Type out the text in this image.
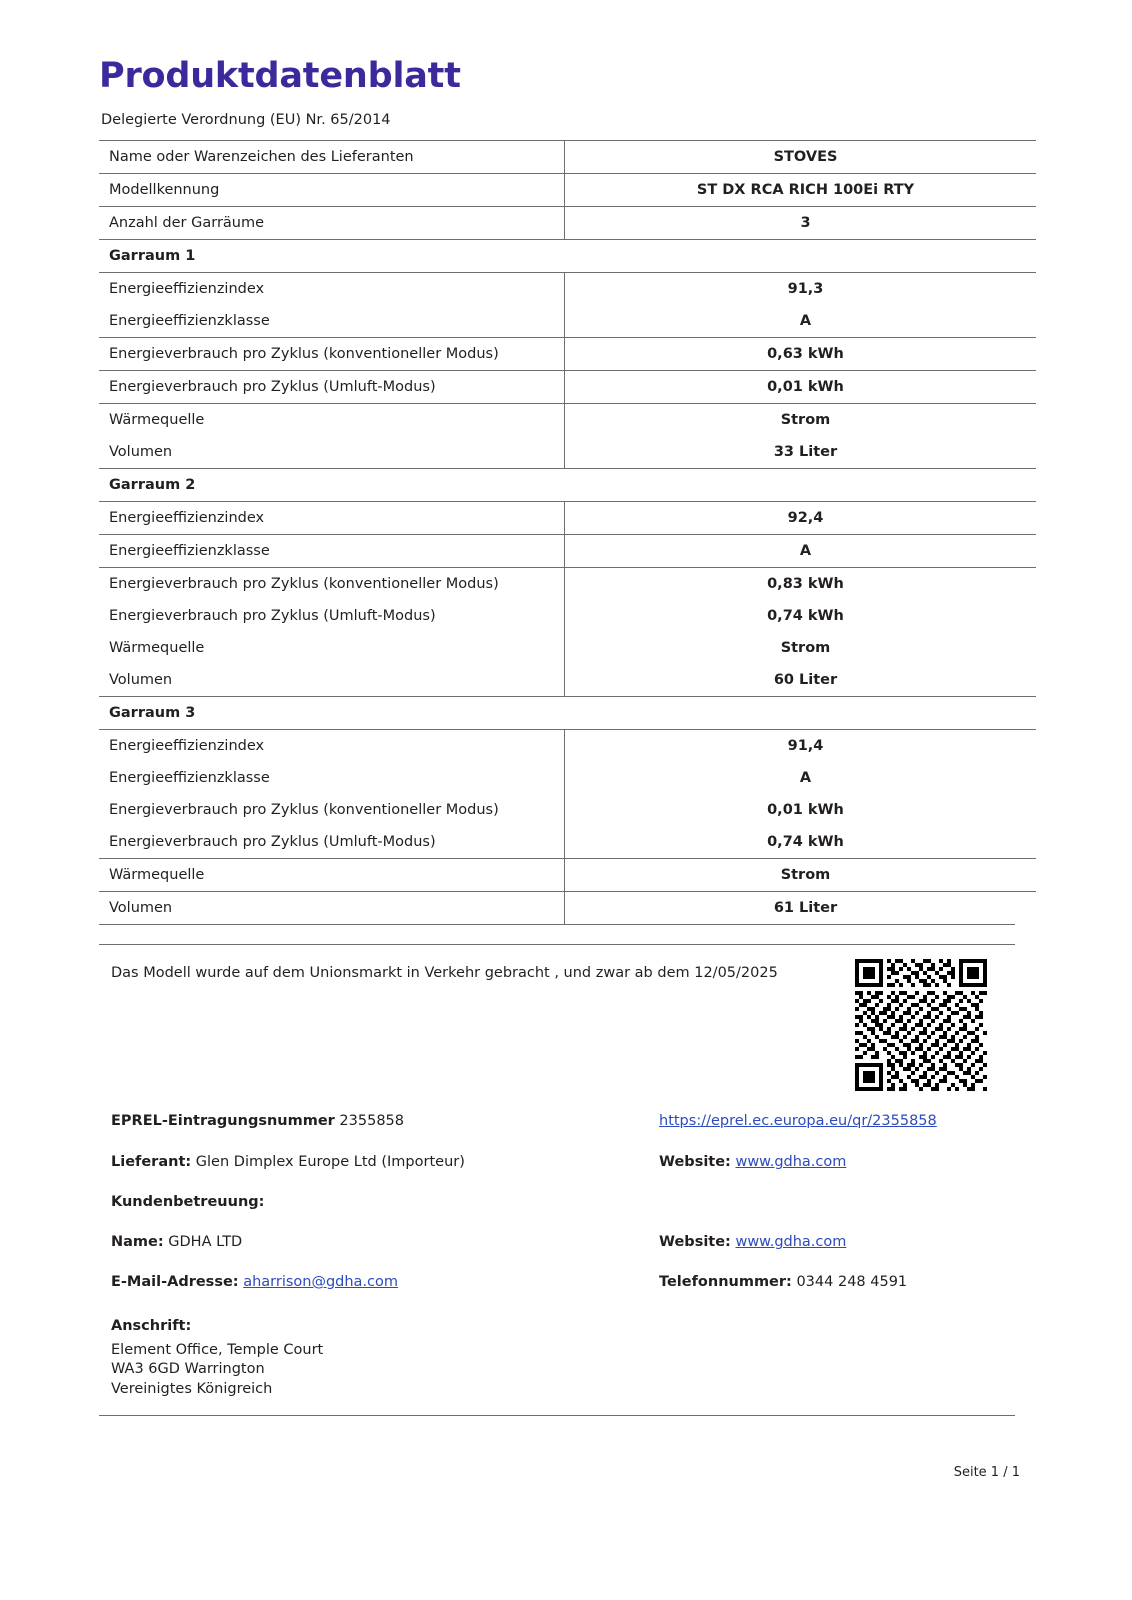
Produktdatenblatt

Delegierte Verordnung (EU) Nr. 65/2014

Name oder Warenzeichen des Lieferanten	STOVES
Modellkennung	ST DX RCA RICH 100Ei RTY
Anzahl der Garräume	3
Garraum 1	
Energieeffizienzindex	91,3
Energieeffizienzklasse	A
Energieverbrauch pro Zyklus (konventioneller Modus)	0,63 kWh
Energieverbrauch pro Zyklus (Umluft-Modus)	0,01 kWh
Wärmequelle	Strom
Volumen	33 Liter
Garraum 2	
Energieeffizienzindex	92,4
Energieeffizienzklasse	A
Energieverbrauch pro Zyklus (konventioneller Modus)	0,83 kWh
Energieverbrauch pro Zyklus (Umluft-Modus)	0,74 kWh
Wärmequelle	Strom
Volumen	60 Liter
Garraum 3	
Energieeffizienzindex	91,4
Energieeffizienzklasse	A
Energieverbrauch pro Zyklus (konventioneller Modus)	0,01 kWh
Energieverbrauch pro Zyklus (Umluft-Modus)	0,74 kWh
Wärmequelle	Strom
Volumen	61 Liter
Das Modell wurde auf dem Unionsmarkt in Verkehr gebracht , und zwar ab dem 12/05/2025
EPREL-Eintragungsnummer 2355858	https://eprel.ec.europa.eu/qr/2355858
Lieferant: Glen Dimplex Europe Ltd (Importeur)	Website: www.gdha.com
Kundenbetreuung:
Name: GDHA LTD	Website: www.gdha.com
E-Mail-Adresse: aharrison@gdha.com	Telefonnummer: 0344 248 4591
Anschrift:
Element Office, Temple Court
WA3 6GD Warrington
Vereinigtes Königreich
Seite 1 / 1
